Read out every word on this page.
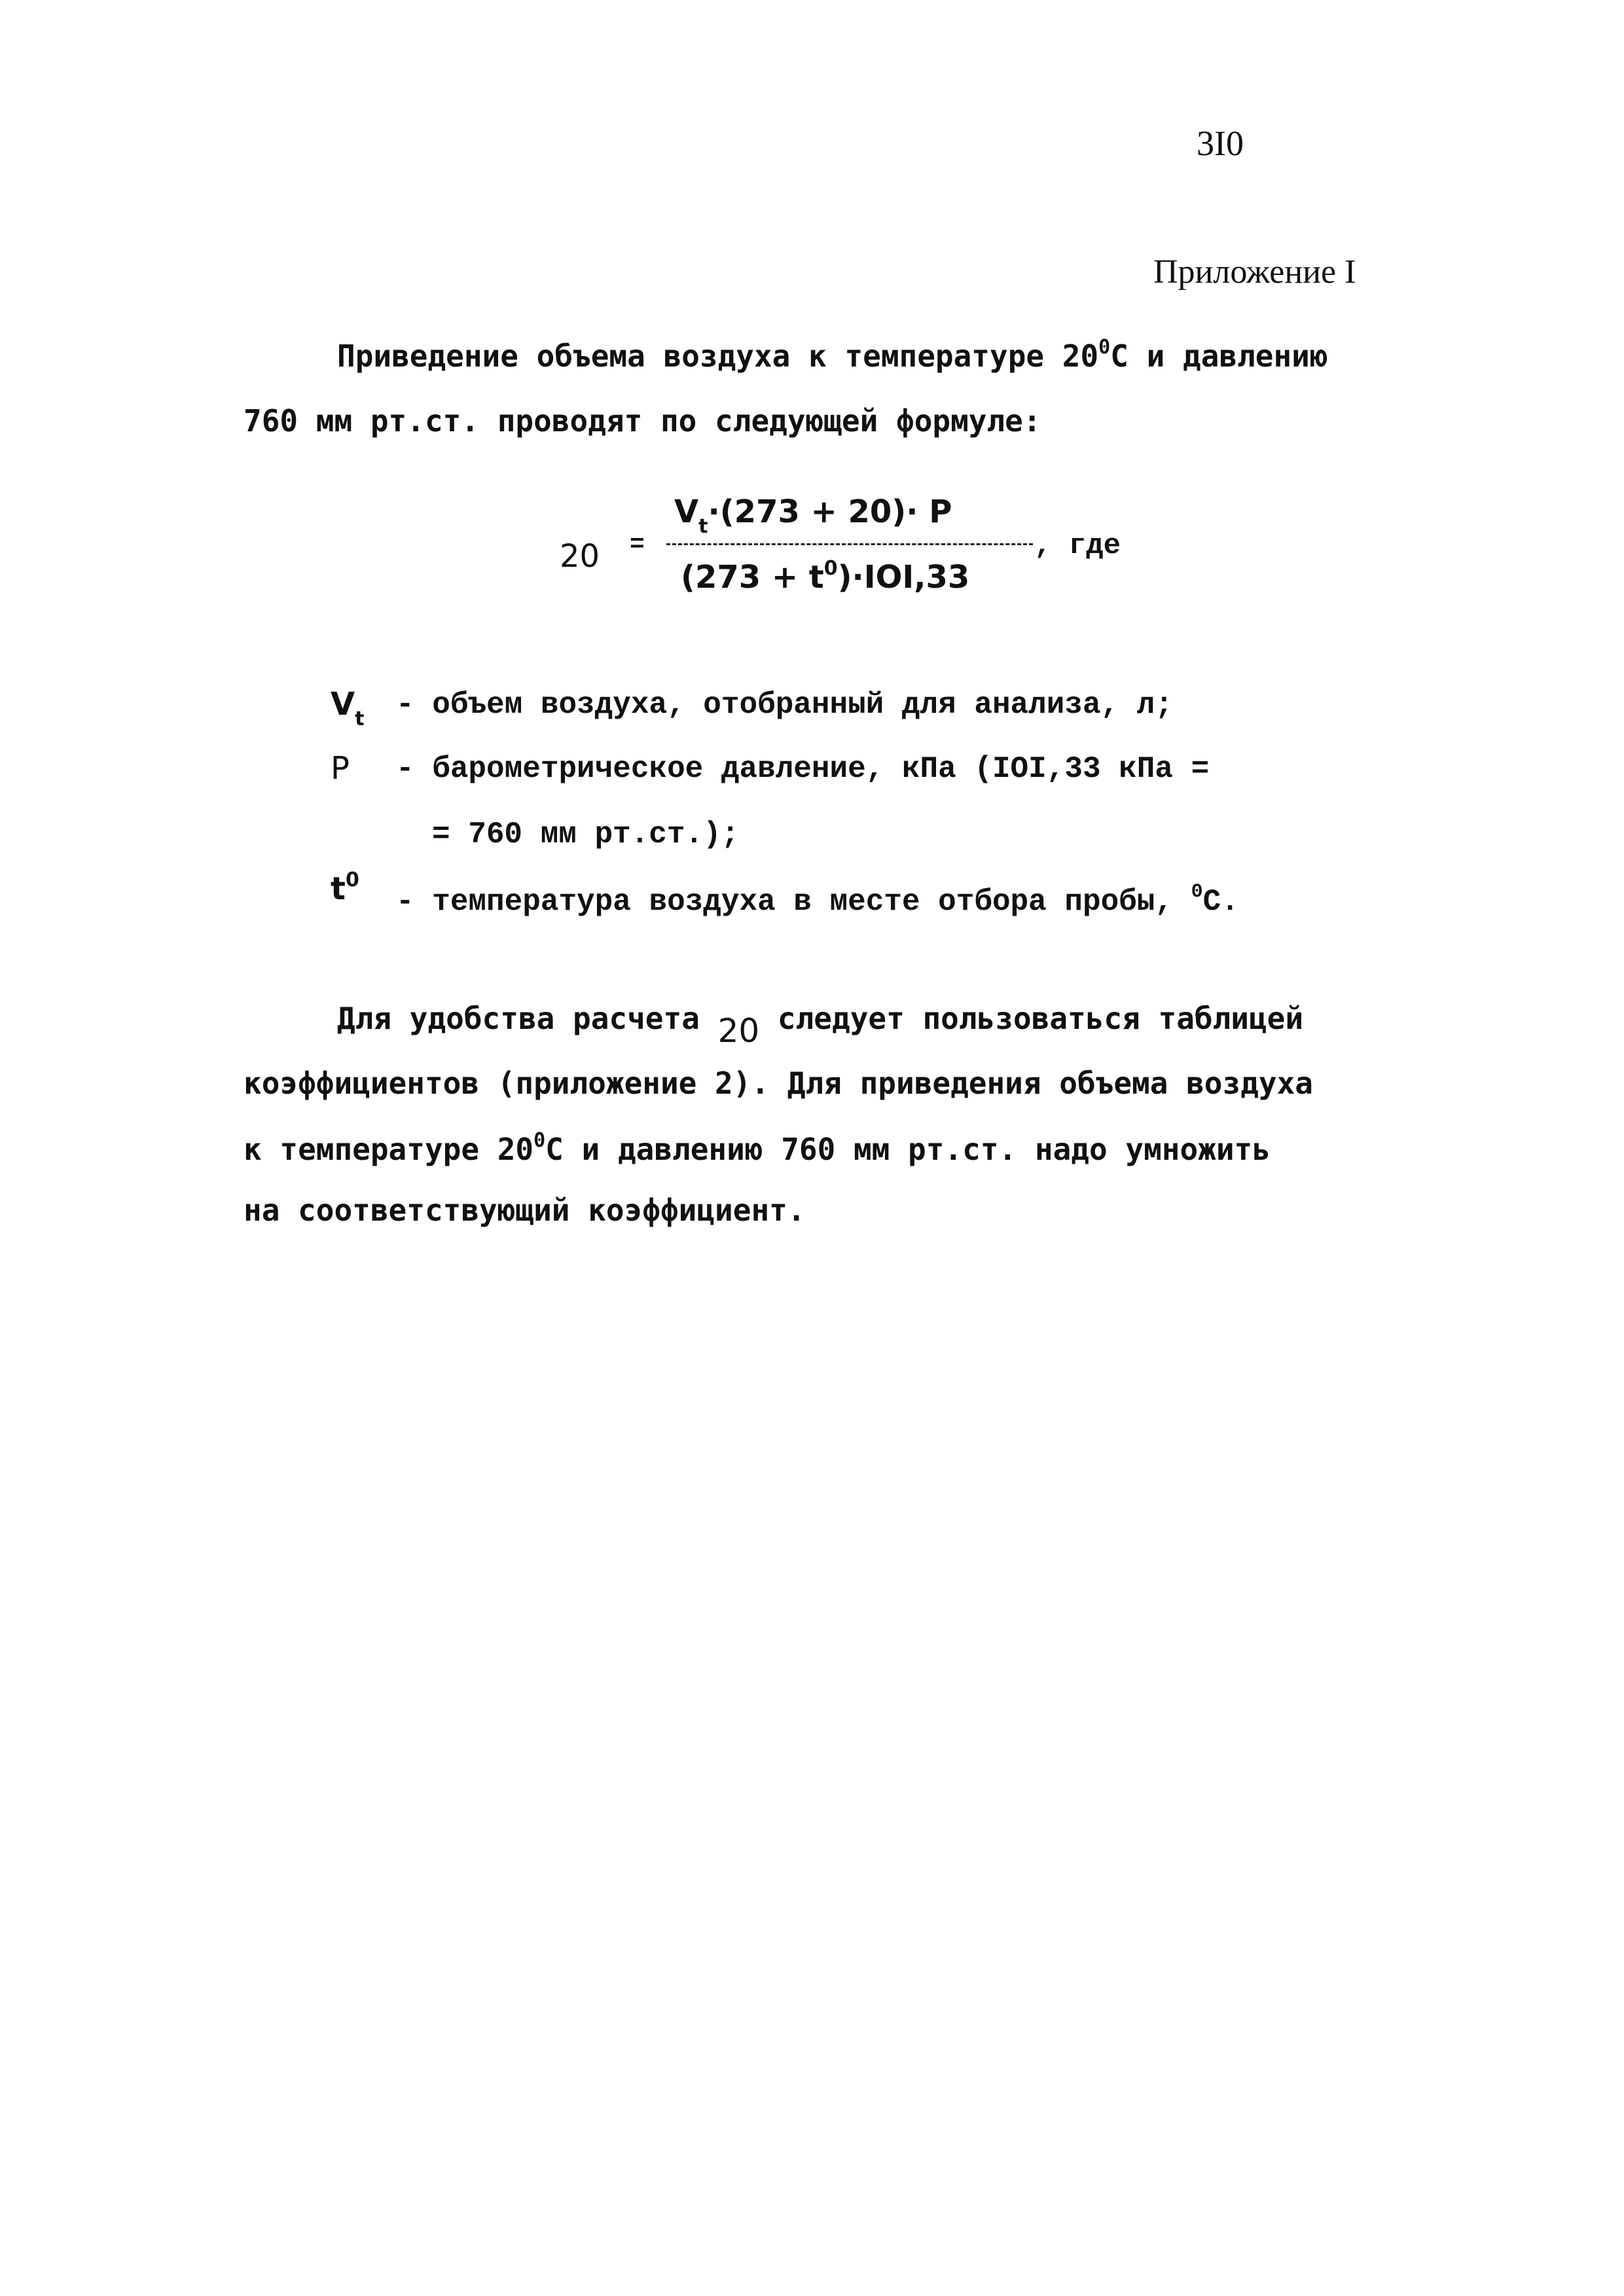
3I0
Приложение I
Приведение объема воздуха к температуре $20^0С$ и давлению
760 мм рт.ст. проводят по следующей формуле:
20 =
$V_t\cdot(273 + 20)\cdot P$
$(273 + t^0)\cdot IOI,33$
, где
$V_t$ - объем воздуха, отобранный для анализа, л;
P - барометрическое давление, кПа (IOI,33 кПа =
= 760 мм рт.ст.);
$t^0$
- температура воздуха в месте отбора пробы, $^0$С.
Для удобства расчета 20 следует пользоваться таблицей
коэффициентов (приложение 2). Для приведения объема воздуха
к температуре $20^0С$ и давлению 760 мм рт.ст. надо умножить
на соответствующий коэффициент.
